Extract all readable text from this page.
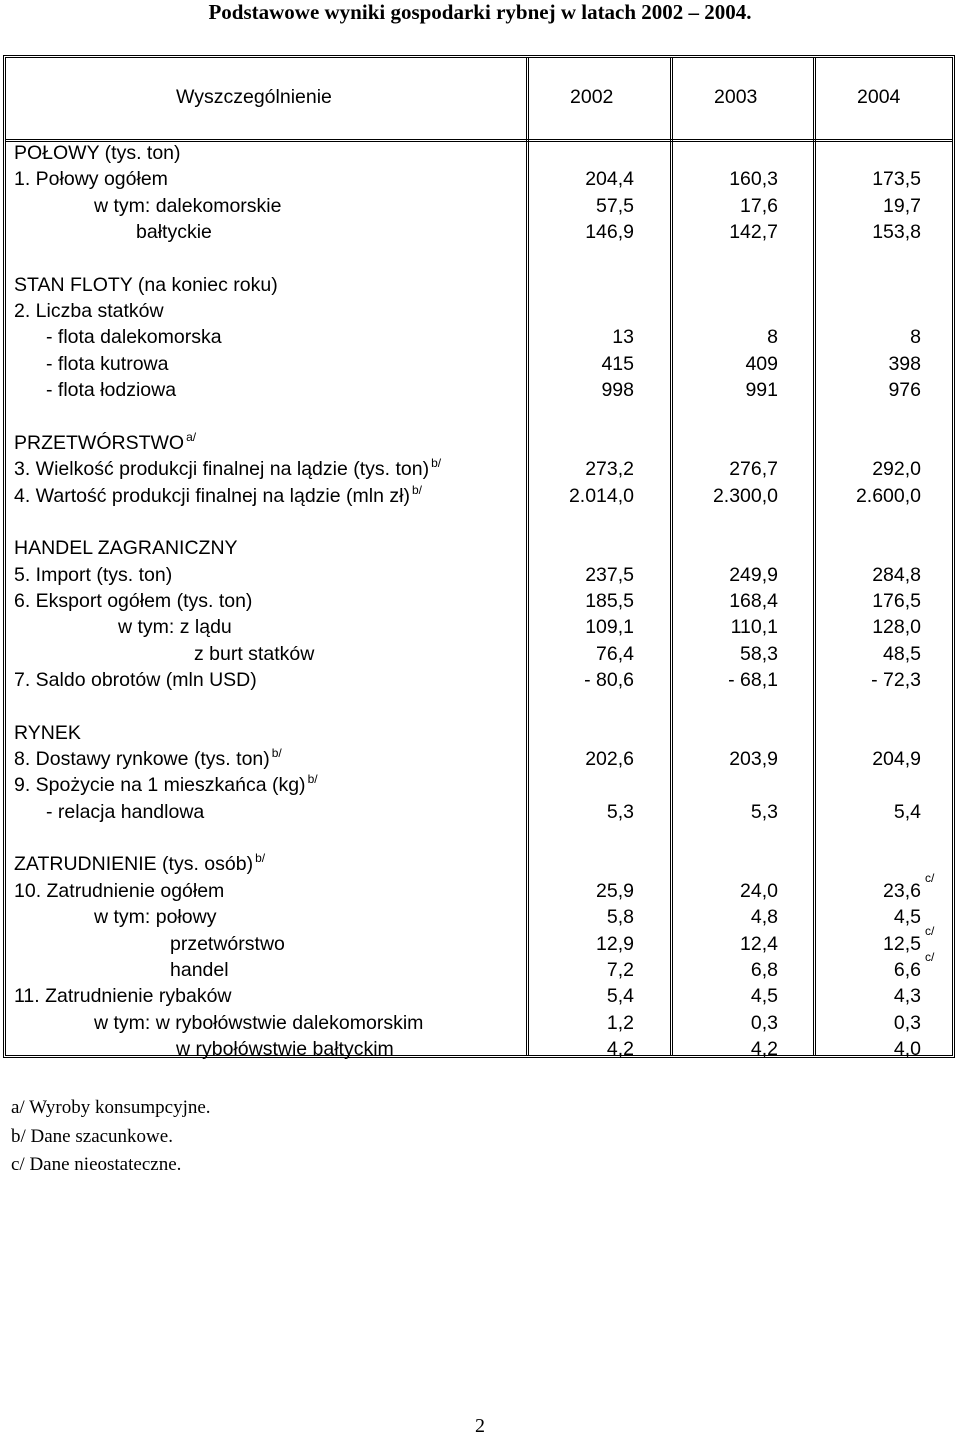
Podstawowe wyniki gospodarki rybnej w latach 2002 – 2004.
Wyszczególnienie	2002	2003	2004
POŁOWY (tys. ton)
1. Połowy ogółem	204,4	160,3	173,5
w tym: dalekomorskie	57,5	17,6	19,7
bałtyckie	146,9	142,7	153,8
STAN FLOTY (na koniec roku)
2. Liczba statków
- flota dalekomorska	13	8	8
- flota kutrowa	415	409	398
- flota łodziowa	998	991	976
PRZETWÓRSTWO $^{a/}$
3. Wielkość produkcji finalnej na lądzie (tys. ton) $^{b/}$	273,2	276,7	292,0
4. Wartość produkcji finalnej na lądzie (mln zł) $^{b/}$	2.014,0	2.300,0	2.600,0
HANDEL ZAGRANICZNY
5. Import (tys. ton)	237,5	249,9	284,8
6. Eksport ogółem (tys. ton)	185,5	168,4	176,5
w tym: z lądu	109,1	110,1	128,0
z burt statków	76,4	58,3	48,5
7. Saldo obrotów (mln USD)	- 80,6	- 68,1	- 72,3
RYNEK
8. Dostawy rynkowe (tys. ton) $^{b/}$	202,6	203,9	204,9
9. Spożycie na 1 mieszkańca (kg) $^{b/}$
- relacja handlowa	5,3	5,3	5,4
ZATRUDNIENIE (tys. osób) $^{b/}$
10. Zatrudnienie ogółem	25,9	24,0	23,6
c/
w tym: połowy	5,8	4,8	4,5
przetwórstwo	12,9	12,4	12,5
c/
handel	7,2	6,8	6,6
c/
11. Zatrudnienie rybaków	5,4	4,5	4,3
w tym: w rybołówstwie dalekomorskim	1,2	0,3	0,3
w rybołówstwie bałtyckim	4,2	4,2	4,0
a/ Wyroby konsumpcyjne.
b/ Dane szacunkowe.
c/ Dane nieostateczne.
2
